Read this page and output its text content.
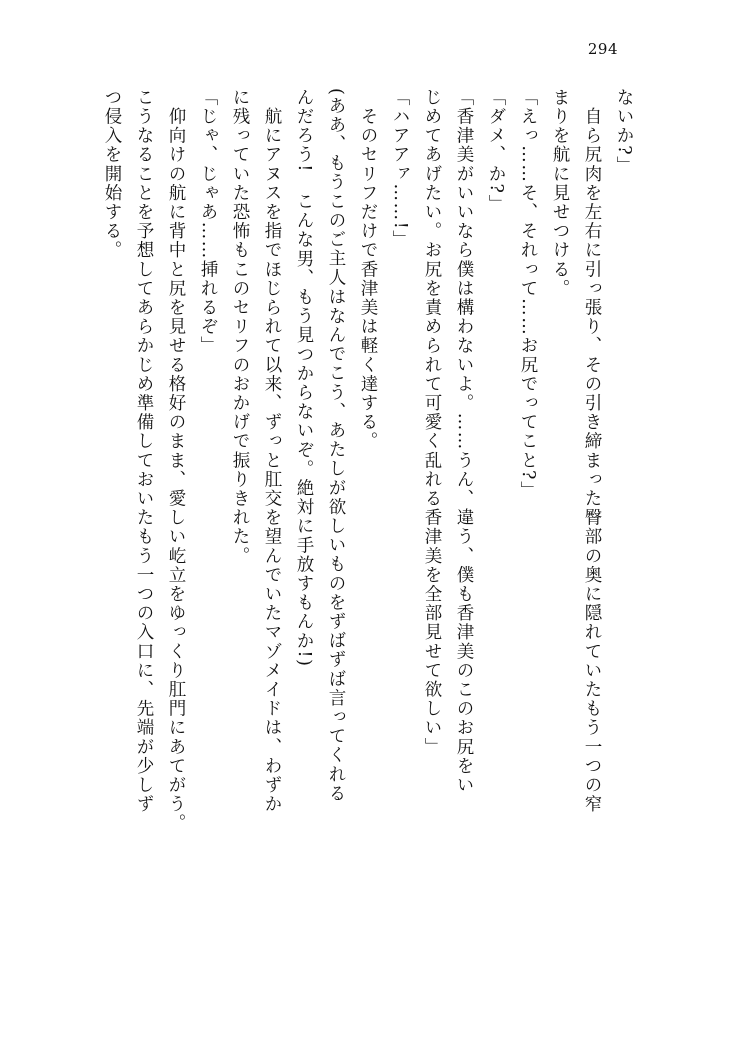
294
ないか?」
　自ら尻肉を左右に引っ張り、その引き締まった臀部の奥に隠れていたもう一つの窄
まりを航に見せつける。
「えっ……そ、それって……お尻でってこと?」
「ダメ、か?」
「香津美がいいなら僕は構わないよ。……うん、違う、僕も香津美のこのお尻をい
じめてあげたい。お尻を責められて可愛く乱れる香津美を全部見せて欲しい」
「ハアアァ……!」
　そのセリフだけで香津美は軽く達する。
(ああ、もうこのご主人はなんでこう、あたしが欲しいものをずばずば言ってくれる
んだろう!　こんな男、もう見つからないぞ。絶対に手放すもんか!)
　航にアヌスを指でほじられて以来、ずっと肛交を望んでいたマゾメイドは、わずか
に残っていた恐怖もこのセリフのおかげで振りきれた。
「じゃ、じゃあ……挿れるぞ」
　仰向けの航に背中と尻を見せる格好のまま、愛しい屹立をゆっくり肛門にあてがう。
こうなることを予想してあらかじめ準備しておいたもう一つの入口に、先端が少しず
つ侵入を開始する。
